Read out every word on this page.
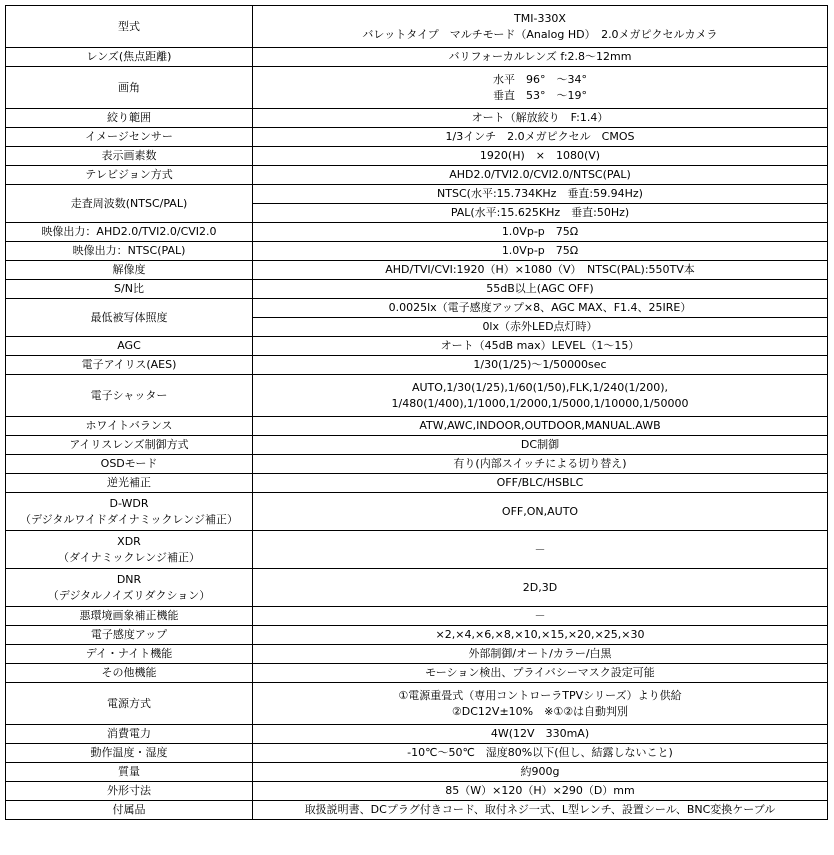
型式	TMI-330X
バレットタイプ　マルチモード（Analog HD）　2.0メガピクセルカメラ

レンズ(焦点距離)	バリフォーカルレンズ f:2.8～12mm

画角	水平　96°　～34°
垂直　53°　～19°

絞り範囲	オート（解放絞り　F:1.4）

イメージセンサー	1/3インチ　2.0メガピクセル　CMOS

表示画素数	1920(H)　×　1080(V)

テレビジョン方式	AHD2.0/TVI2.0/CVI2.0/NTSC(PAL)

走査周波数(NTSC/PAL)	NTSC(水平:15.734KHz　垂直:59.94Hz)

	PAL(水平:15.625KHz　垂直:50Hz)

映像出力：AHD2.0/TVI2.0/CVI2.0	1.0Vp-p　75Ω

映像出力：NTSC(PAL)	1.0Vp-p　75Ω

解像度	AHD/TVI/CVI:1920（H）×1080（V）　NTSC(PAL):550TV本

S/N比	55dB以上(AGC OFF)

最低被写体照度	0.0025lx（電子感度アップ×8、AGC MAX、F1.4、25IRE）

	0lx（赤外LED点灯時）

AGC	オート（45dB max）LEVEL（1～15）

電子アイリス(AES)	1/30(1/25)～1/50000sec

電子シャッター	AUTO,1/30(1/25),1/60(1/50),FLK,1/240(1/200),
1/480(1/400),1/1000,1/2000,1/5000,1/10000,1/50000

ホワイトバランス	ATW,AWC,INDOOR,OUTDOOR,MANUAL.AWB

アイリスレンズ制御方式	DC制御

OSDモード	有り(内部スイッチによる切り替え)

逆光補正	OFF/BLC/HSBLC

D-WDR
（デジタルワイドダイナミックレンジ補正）	OFF,ON,AUTO

XDR
（ダイナミックレンジ補正）	－

DNR
（デジタルノイズリダクション）	2D,3D

悪環境画象補正機能	－

電子感度アップ	×2,×4,×6,×8,×10,×15,×20,×25,×30

デイ・ナイト機能	外部制御/オート/カラー/白黒

その他機能	モーション検出、プライバシーマスク設定可能

電源方式	①電源重畳式（専用コントローラTPVシリーズ）より供給
②DC12V±10%　※①②は自動判別

消費電力	4W(12V　330mA)

動作温度・湿度	-10℃～50℃　湿度80%以下(但し、結露しないこと)

質量	約900g

外形寸法	85（W）×120（H）×290（D）mm

付属品	取扱説明書、DCプラグ付きコード、取付ネジ一式、L型レンチ、設置シール、BNC変換ケーブル
